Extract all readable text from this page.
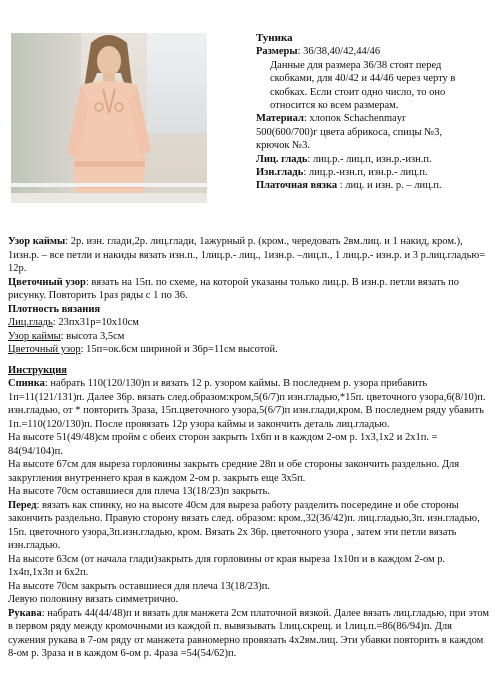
Туника

Размеры: 36/38,40/42,44/46

Данные для размера 36/38 стоят перед скобками, для 40/42 и 44/46 через черту в скобках. Если стоит одно число, то оно относится ко всем размерам.

Материал: хлопок Schachenmayr

500(600/700)г цвета абрикоса, спицы №3,

крючок №3.

Лиц. гладь: лиц.р.- лиц.п, изн.р.-изн.п.

Изн.гладь: лиц.р.-изн.п, изн.р.- лиц.п.

Платочная вязка : лиц. и изн. р. – лиц.п.

Узор каймы: 2р. изн. глади,2р. лиц.глади, 1ажурный р. (кром., чередовать 2вм.лиц. и 1 накид, кром.), 1изн.р. – все петли и накиды вязать изн.п., 1лиц.р.- лиц., 1изн.р. –лиц.п., 1 лиц.р.- изн.р. и 3 р.лиц.гладью= 12р.

Цветочный узор: вязать на 15п. по схеме, на которой указаны только лиц.р. В изн.р. петли вязать по рисунку. Повторить 1раз ряды с 1 по 36.

Плотность вязания

Лиц.гладь: 23пх31р=10х10см

Узор каймы: высота 3,5см

Цветочный узор: 15п=ок.6см шириной и 36р=11см высотой.

Инструкция

Спинка: набрать 110(120/130)п и вязать 12 р. узором каймы. В последнем р. узора прибавить 1п=11(121/131)п. Далее 36р. вязать след.образом:кром,5(6/7)п изн.гладью,*15п. цветочного узора,6(8/10)п. изн.гладью, от * повторить 3раза, 15п.цветочного узора,5(6/7)п изн.глади,кром. В последнем ряду убавить 1п.=110(120/130)п. После провязать 12р узора каймы и закончить деталь лиц.гладью.

На высоте 51(49/48)см пройм с обеих сторон закрыть 1х6п и в каждом 2-ом р. 1х3,1х2 и 2х1п. = 84(94/104)п.

На высоте 67см для выреза горловины закрыть средние 28п и обе стороны закончить раздельно. Для закругления внутреннего края в каждом 2-ом р. закрыть еще 3х5п.

На высоте 70см оставшиеся для плеча 13(18/23)п закрыть.

Перед: вязать как спинку, но на высоте 40см для выреза работу разделить посередине и обе стороны закончить раздельно. Правую сторону вязать след. образом: кром.,32(36/42)п. лиц.гладью,3п. изн.гладью, 15п. цветочного узора,3п.изн.гладью, кром. Вязать 2х 36р. цветочного узора , затем эти петли вязать изн.гладью.

На высоте 63см (от начала глади)закрыть для горловины от края выреза 1х10п и в каждом 2-ом р. 1х4п,1х3п и 6х2п.

На высоте 70см закрыть оставшиеся для плеча 13(18/23)п.

Левую половину вязать симметрично.

Рукава: набрать 44(44/48)п и вязать для манжета 2см платочной вязкой. Далее вязать лиц.гладью, при этом в первом ряду между кромочными из каждой п. вывязывать 1лиц.скрещ. и 1лиц.п.=86(86/94)п. Для сужения рукава в 7-ом ряду от манжета равномерно провязать 4х2вм.лиц. Эти убавки повторить в каждом 8-ом р. 3раза и в каждом 6-ом р. 4раза =54(54/62)п.
